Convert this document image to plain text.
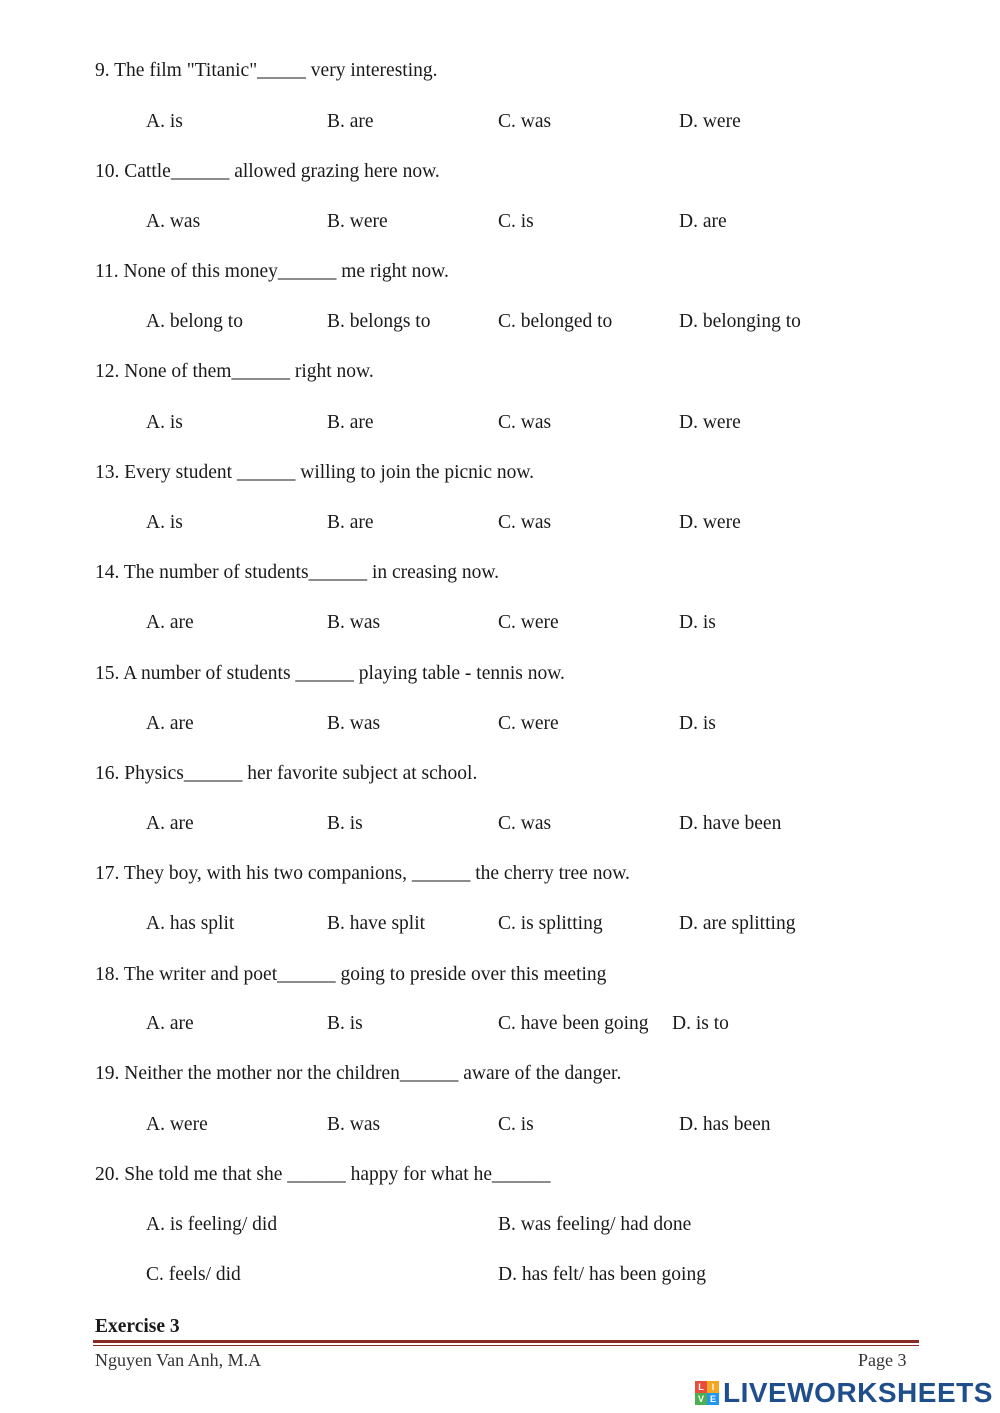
9. The film "Titanic"_____ very interesting.
A. is	B. are	C. was	D. were
10. Cattle______ allowed grazing here now.
A. was	B. were	C. is	D. are
11. None of this money______ me right now.
A. belong to	B. belongs to	C. belonged to	D. belonging to
12. None of them______ right now.
A. is	B. are	C. was	D. were
13. Every student ______ willing to join the picnic now.
A. is	B. are	C. was	D. were
14. The number of students______ in creasing now.
A. are	B. was	C. were	D. is
15. A number of students ______ playing table - tennis now.
A. are	B. was	C. were	D. is
16. Physics______ her favorite subject at school.
A. are	B. is	C. was	D. have been
17. They boy, with his two companions, ______ the cherry tree now.
A. has split	B. have split	C. is splitting	D. are splitting
18. The writer and poet______ going to preside over this meeting
A. are	B. is	C. have been going D. is to
19. Neither the mother nor the children______ aware of the danger.
A. were	B. was	C. is	D. has been
20. She told me that she ______ happy for what he______
A. is feeling/ did	B. was feeling/ had done
C. feels/ did	D. has felt/ has been going
Exercise 3
Nguyen Van Anh, M.A	Page 3
L I
V E LIVEWORKSHEETS
